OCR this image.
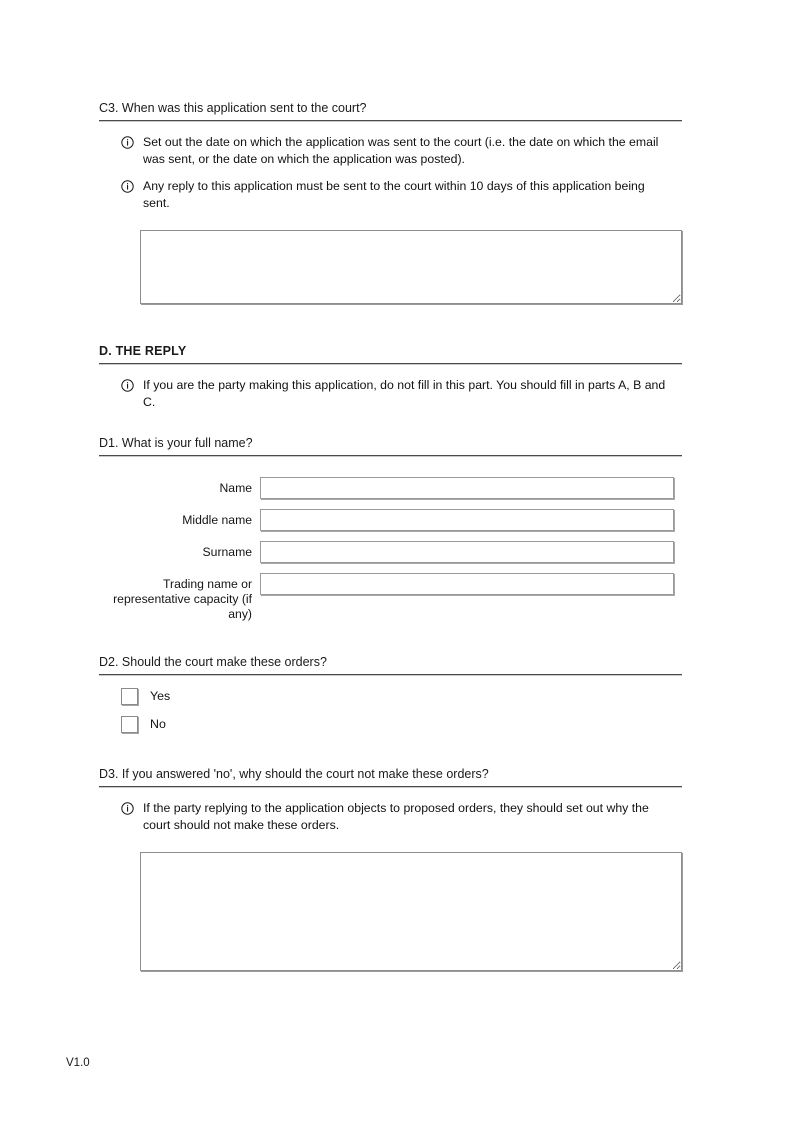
C3. When was this application sent to the court?
Set out the date on which the application was sent to the court (i.e. the date on which the email was sent, or the date on which the application was posted).
Any reply to this application must be sent to the court within 10 days of this application being sent.
D. THE REPLY
If you are the party making this application, do not fill in this part. You should fill in parts A, B and C.
D1. What is your full name?
Name
Middle name
Surname
Trading name or representative capacity (if any)
D2. Should the court make these orders?
Yes
No
D3. If you answered 'no', why should the court not make these orders?
If the party replying to the application objects to proposed orders, they should set out why the court should not make these orders.
V1.0
